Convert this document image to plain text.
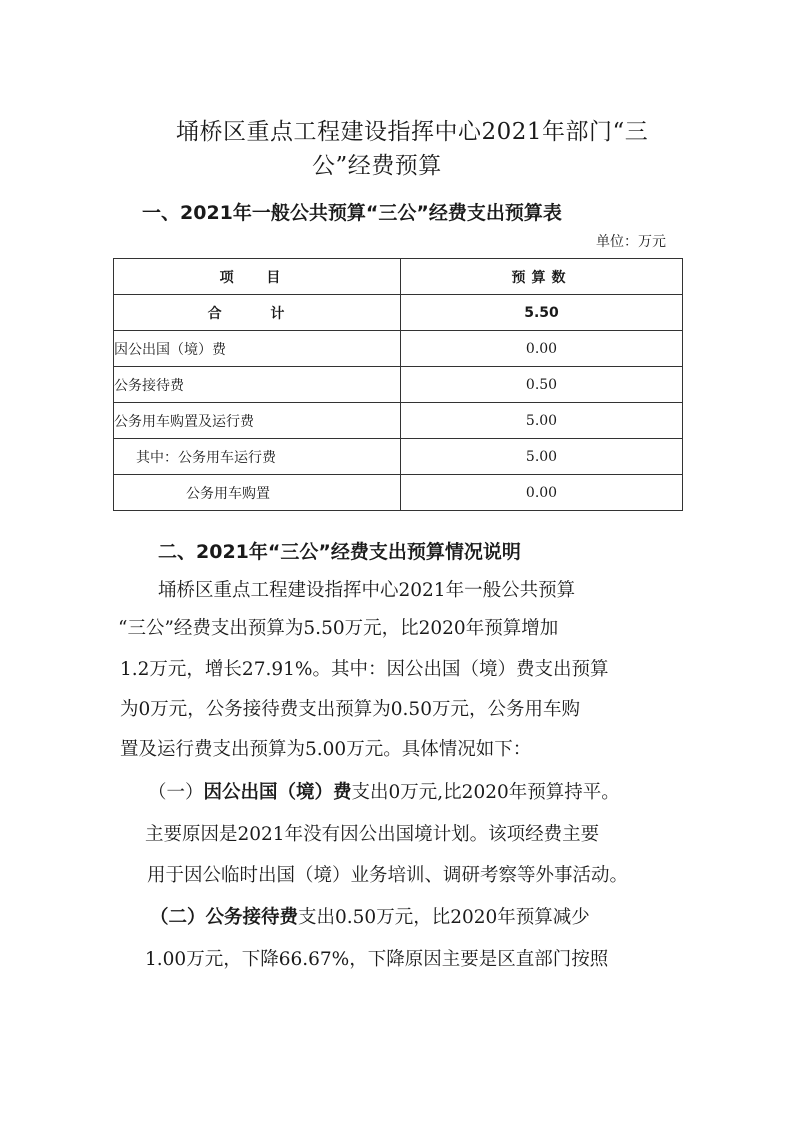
埇桥区重点工程建设指挥中心2021年部门“三
公”经费预算
一、2021年一般公共预算“三公”经费支出预算表
单位：万元
项 目	预算数
合 计	5.50
因公出国（境）费	0.00
公务接待费	0.50
公务用车购置及运行费	5.00
其中：公务用车运行费	5.00
公务用车购置	0.00
二、2021年“三公”经费支出预算情况说明
埇桥区重点工程建设指挥中心2021年一般公共预算
“三公”经费支出预算为5.50万元，比2020年预算增加
1.2万元，增长27.91%。其中：因公出国（境）费支出预算
为0万元，公务接待费支出预算为0.50万元，公务用车购
置及运行费支出预算为5.00万元。具体情况如下：
（一）因公出国（境）费支出0万元,比2020年预算持平。
主要原因是2021年没有因公出国境计划。该项经费主要
用于因公临时出国（境）业务培训、调研考察等外事活动。
（二）公务接待费支出0.50万元，比2020年预算减少
1.00万元，下降66.67%，下降原因主要是区直部门按照
